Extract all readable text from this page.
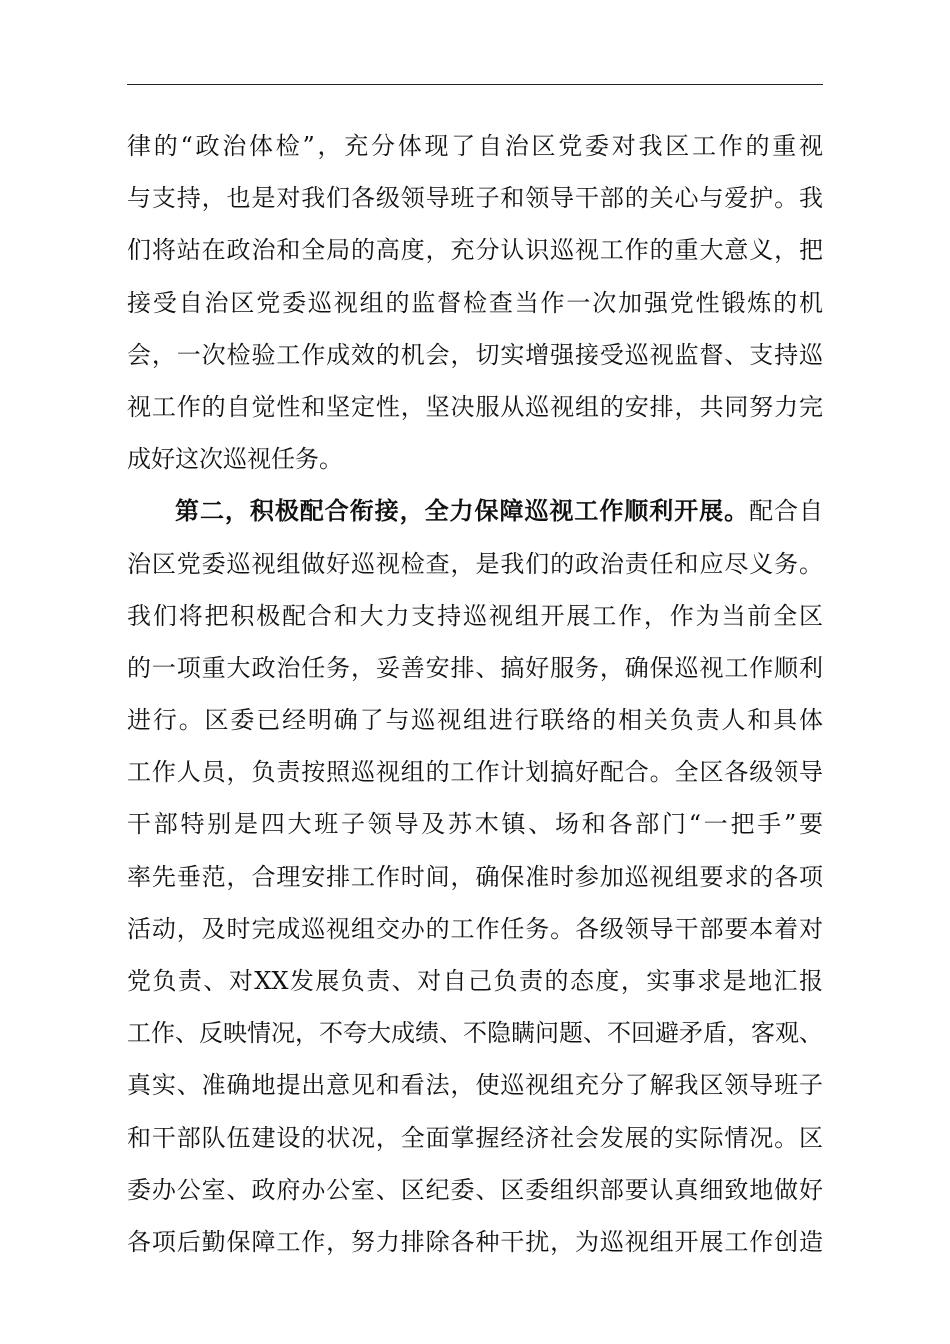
律的“政治体检”，充分体现了自治区党委对我区工作的重视
与支持，也是对我们各级领导班子和领导干部的关心与爱护。我
们将站在政治和全局的高度，充分认识巡视工作的重大意义，把
接受自治区党委巡视组的监督检查当作一次加强党性锻炼的机
会，一次检验工作成效的机会，切实增强接受巡视监督、支持巡
视工作的自觉性和坚定性，坚决服从巡视组的安排，共同努力完
成好这次巡视任务。
第二，积极配合衔接，全力保障巡视工作顺利开展。配合自
治区党委巡视组做好巡视检查，是我们的政治责任和应尽义务。
我们将把积极配合和大力支持巡视组开展工作，作为当前全区
的一项重大政治任务，妥善安排、搞好服务，确保巡视工作顺利
进行。区委已经明确了与巡视组进行联络的相关负责人和具体
工作人员，负责按照巡视组的工作计划搞好配合。全区各级领导
干部特别是四大班子领导及苏木镇、场和各部门“一把手”要
率先垂范，合理安排工作时间，确保准时参加巡视组要求的各项
活动，及时完成巡视组交办的工作任务。各级领导干部要本着对
党负责、对XX发展负责、对自己负责的态度，实事求是地汇报
工作、反映情况，不夸大成绩、不隐瞒问题、不回避矛盾，客观、
真实、准确地提出意见和看法，使巡视组充分了解我区领导班子
和干部队伍建设的状况，全面掌握经济社会发展的实际情况。区
委办公室、政府办公室、区纪委、区委组织部要认真细致地做好
各项后勤保障工作，努力排除各种干扰，为巡视组开展工作创造
